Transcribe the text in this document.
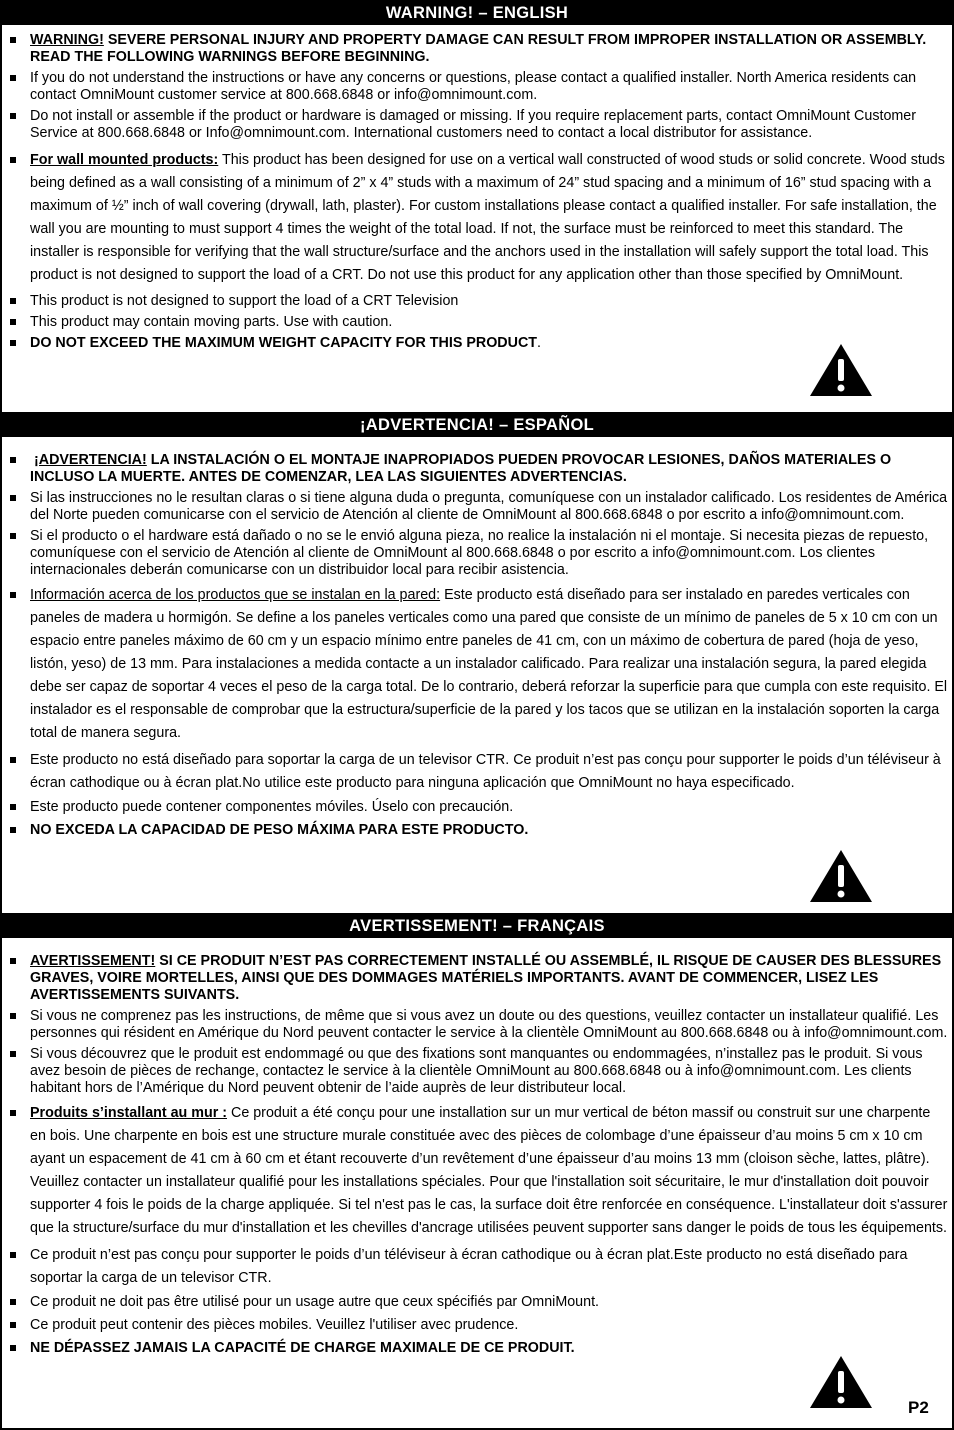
WARNING! – ENGLISH
WARNING! SEVERE PERSONAL INJURY AND PROPERTY DAMAGE CAN RESULT FROM IMPROPER INSTALLATION OR ASSEMBLY. READ THE FOLLOWING WARNINGS BEFORE BEGINNING.
If you do not understand the instructions or have any concerns or questions, please contact a qualified installer. North America residents can contact OmniMount customer service at 800.668.6848 or info@omnimount.com.
Do not install or assemble if the product or hardware is damaged or missing. If you require replacement parts, contact OmniMount Customer Service at 800.668.6848 or Info@omnimount.com. International customers need to contact a local distributor for assistance.
For wall mounted products: This product has been designed for use on a vertical wall constructed of wood studs or solid concrete. Wood studs being defined as a wall consisting of a minimum of 2” x 4” studs with a maximum of 24” stud spacing and a minimum of 16” stud spacing with a maximum of ½” inch of wall covering (drywall, lath, plaster). For custom installations please contact a qualified installer. For safe installation, the wall you are mounting to must support 4 times the weight of the total load. If not, the surface must be reinforced to meet this standard. The installer is responsible for verifying that the wall structure/surface and the anchors used in the installation will safely support the total load. This product is not designed to support the load of a CRT. Do not use this product for any application other than those specified by OmniMount.
This product is not designed to support the load of a CRT Television
This product may contain moving parts. Use with caution.
DO NOT EXCEED THE MAXIMUM WEIGHT CAPACITY FOR THIS PRODUCT.
¡ADVERTENCIA! – ESPAÑOL
¡ADVERTENCIA! LA INSTALACIÓN O EL MONTAJE INAPROPIADOS PUEDEN PROVOCAR LESIONES, DAÑOS MATERIALES O INCLUSO LA MUERTE. ANTES DE COMENZAR, LEA LAS SIGUIENTES ADVERTENCIAS.
Si las instrucciones no le resultan claras o si tiene alguna duda o pregunta, comuníquese con un instalador calificado. Los residentes de América del Norte pueden comunicarse con el servicio de Atención al cliente de OmniMount al 800.668.6848 o por escrito a info@omnimount.com.
Si el producto o el hardware está dañado o no se le envió alguna pieza, no realice la instalación ni el montaje. Si necesita piezas de repuesto, comuníquese con el servicio de Atención al cliente de OmniMount al 800.668.6848 o por escrito a info@omnimount.com. Los clientes internacionales deberán comunicarse con un distribuidor local para recibir asistencia.
Información acerca de los productos que se instalan en la pared: Este producto está diseñado para ser instalado en paredes verticales con paneles de madera u hormigón. Se define a los paneles verticales como una pared que consiste de un mínimo de paneles de 5 x 10 cm con un espacio entre paneles máximo de 60 cm y un espacio mínimo entre paneles de 41 cm, con un máximo de cobertura de pared (hoja de yeso, listón, yeso) de 13 mm. Para instalaciones a medida contacte a un instalador calificado. Para realizar una instalación segura, la pared elegida debe ser capaz de soportar 4 veces el peso de la carga total. De lo contrario, deberá reforzar la superficie para que cumpla con este requisito. El instalador es el responsable de comprobar que la estructura/superficie de la pared y los tacos que se utilizan en la instalación soporten la carga total de manera segura.
Este producto no está diseñado para soportar la carga de un televisor CTR. Ce produit n’est pas conçu pour supporter le poids d’un téléviseur à écran cathodique ou à écran plat.No utilice este producto para ninguna aplicación que OmniMount no haya especificado.
Este producto puede contener componentes móviles. Úselo con precaución.
NO EXCEDA LA CAPACIDAD DE PESO MÁXIMA PARA ESTE PRODUCTO.
AVERTISSEMENT! – FRANÇAIS
AVERTISSEMENT! SI CE PRODUIT N’EST PAS CORRECTEMENT INSTALLÉ OU ASSEMBLÉ, IL RISQUE DE CAUSER DES BLESSURES GRAVES, VOIRE MORTELLES, AINSI QUE DES DOMMAGES MATÉRIELS IMPORTANTS. AVANT DE COMMENCER, LISEZ LES AVERTISSEMENTS SUIVANTS.
Si vous ne comprenez pas les instructions, de même que si vous avez un doute ou des questions, veuillez contacter un installateur qualifié. Les personnes qui résident en Amérique du Nord peuvent contacter le service à la clientèle OmniMount au 800.668.6848 ou à info@omnimount.com.
Si vous découvrez que le produit est endommagé ou que des fixations sont manquantes ou endommagées, n’installez pas le produit. Si vous avez besoin de pièces de rechange, contactez le service à la clientèle OmniMount au 800.668.6848 ou à info@omnimount.com. Les clients habitant hors de l’Amérique du Nord peuvent obtenir de l’aide auprès de leur distributeur local.
Produits s’installant au mur : Ce produit a été conçu pour une installation sur un mur vertical de béton massif ou construit sur une charpente en bois. Une charpente en bois est une structure murale constituée avec des pièces de colombage d’une épaisseur d’au moins 5 cm x 10 cm ayant un espacement de 41 cm à 60 cm et étant recouverte d’un revêtement d’une épaisseur d’au moins 13 mm (cloison sèche, lattes, plâtre). Veuillez contacter un installateur qualifié pour les installations spéciales. Pour que l'installation soit sécuritaire, le mur d'installation doit pouvoir supporter 4 fois le poids de la charge appliquée. Si tel n'est pas le cas, la surface doit être renforcée en conséquence. L'installateur doit s'assurer que la structure/surface du mur d'installation et les chevilles d'ancrage utilisées peuvent supporter sans danger le poids de tous les équipements.
Ce produit n’est pas conçu pour supporter le poids d’un téléviseur à écran cathodique ou à écran plat.Este producto no está diseñado para soportar la carga de un televisor CTR.
Ce produit ne doit pas être utilisé pour un usage autre que ceux spécifiés par OmniMount.
Ce produit peut contenir des pièces mobiles. Veuillez l'utiliser avec prudence.
NE DÉPASSEZ JAMAIS LA CAPACITÉ DE CHARGE MAXIMALE DE CE PRODUIT.
P2
